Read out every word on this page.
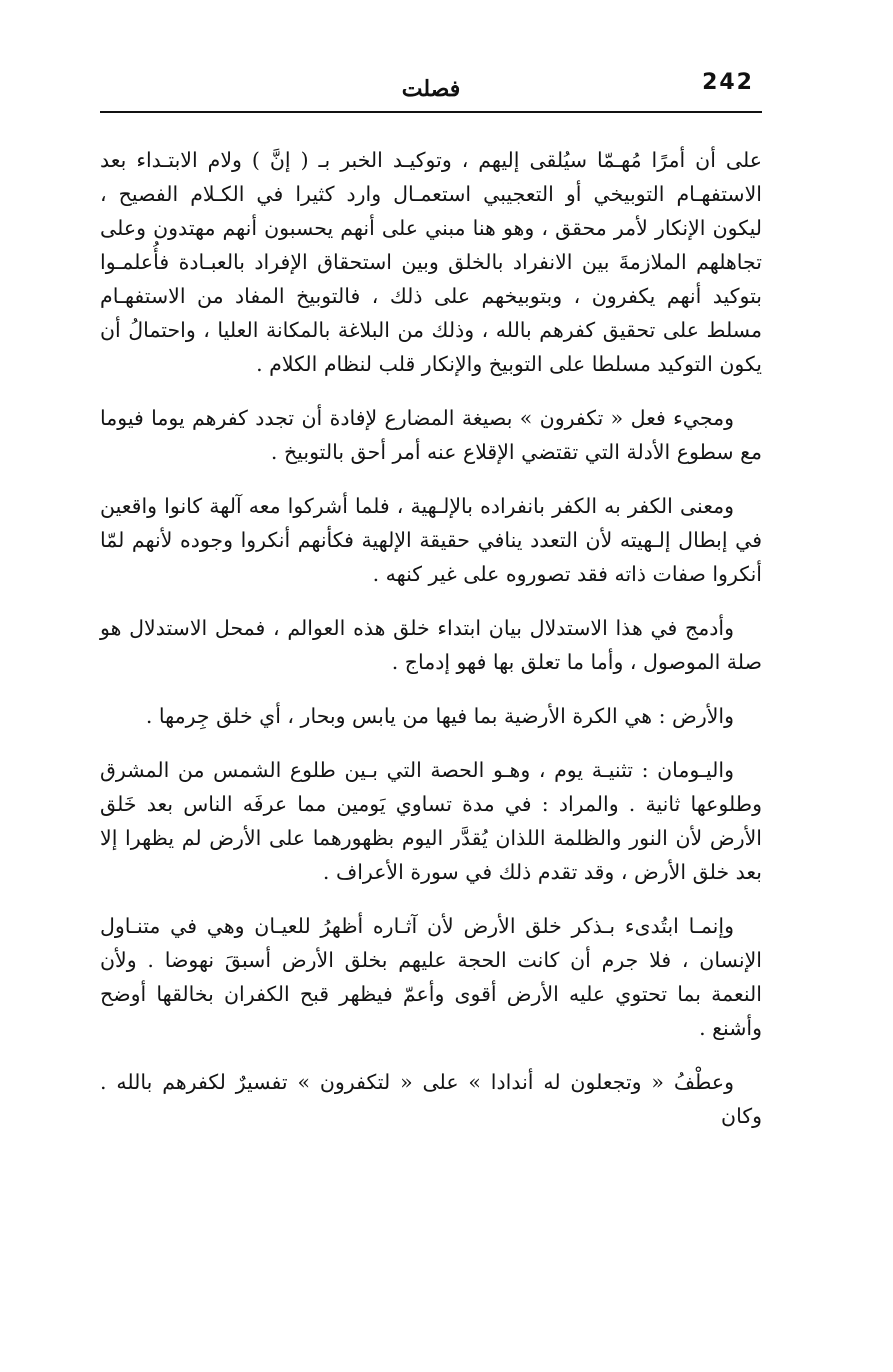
242
فصلت

على أن أمرًا مُهـمّا سيُلقى إليهم ، وتوكيـد الخبر بـ ( إنَّ ) ولام الابتـداء بعد الاستفهـام التوبيخي أو التعجيبي استعمـال وارد كثيرا في الكـلام الفصيح ، ليكون الإنكار لأمر محقق ، وهو هنا مبني على أنهم يحسبون أنهم مهتدون وعلى تجاهلهم الملازمةَ بين الانفراد بالخلق وبين استحقاق الإفراد بالعبـادة فأُعلمـوا بتوكيد أنهم يكفرون ، وبتوبيخهم على ذلك ، فالتوبيخ المفاد من الاستفهـام مسلط على تحقيق كفرهم بالله ، وذلك من البلاغة بالمكانة العليا ، واحتمالُ أن يكون التوكيد مسلطا على التوبيخ والإنكار قلب لنظام الكلام .

ومجيء فعل « تكفرون » بصيغة المضارع لإفادة أن تجدد كفرهم يوما فيوما مع سطوع الأدلة التي تقتضي الإقلاع عنه أمر أحق بالتوبيخ .

ومعنى الكفر به الكفر بانفراده بالإلـهية ، فلما أشركوا معه آلهة كانوا واقعين في إبطال إلـهيته لأن التعدد ينافي حقيقة الإلهية فكأنهم أنكروا وجوده لأنهم لمّا أنكروا صفات ذاته فقد تصوروه على غير كنهه .

وأدمج في هذا الاستدلال بيان ابتداء خلق هذه العوالم ، فمحل الاستدلال هو صلة الموصول ، وأما ما تعلق بها فهو إدماج .

والأرض : هي الكرة الأرضية بما فيها من يابس وبحار ، أي خلق جِرمها .

واليـومان : تثنيـة يوم ، وهـو الحصة التي بـين طلوع الشمس من المشرق وطلوعها ثانية . والمراد : في مدة تساوي يَومين مما عرفَه الناس بعد خَلق الأرض لأن النور والظلمة اللذان يُقدَّر اليوم بظهورهما على الأرض لم يظهرا إلا بعد خلق الأرض ، وقد تقدم ذلك في سورة الأعراف .

وإنمـا ابتُدىء بـذكر خلق الأرض لأن آثـاره أظهرُ للعيـان وهي في متنـاول الإنسان ، فلا جرم أن كانت الحجة عليهم بخلق الأرض أسبقَ نهوضا . ولأن النعمة بما تحتوي عليه الأرض أقوى وأعمّ فيظهر قبح الكفران بخالقها أوضح وأشنع .

وعطْفُ « وتجعلون له أندادا » على « لتكفرون » تفسيرٌ لكفرهم بالله . وكان
